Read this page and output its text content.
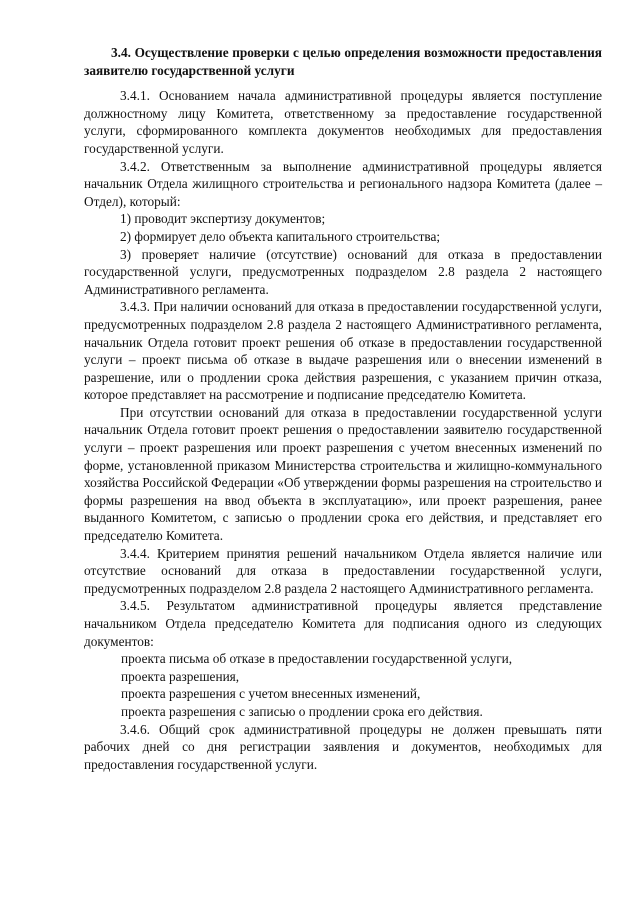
3.4. Осуществление проверки с целью определения возможности предоставления заявителю государственной услуги

3.4.1. Основанием начала административной процедуры является поступление должностному лицу Комитета, ответственному за предоставление государственной услуги, сформированного комплекта документов необходимых для предоставления государственной услуги.

3.4.2. Ответственным за выполнение административной процедуры является начальник Отдела жилищного строительства и регионального надзора Комитета (далее – Отдел), который:

1) проводит экспертизу документов;

2) формирует дело объекта капитального строительства;

3) проверяет наличие (отсутствие) оснований для отказа в предоставлении государственной услуги, предусмотренных подразделом 2.8 раздела 2 настоящего Административного регламента.

3.4.3. При наличии оснований для отказа в предоставлении государственной услуги, предусмотренных подразделом 2.8 раздела 2 настоящего Административного регламента, начальник Отдела готовит проект решения об отказе в предоставлении государственной услуги – проект письма об отказе в выдаче разрешения или о внесении изменений в разрешение, или о продлении срока действия разрешения, с указанием причин отказа, которое представляет на рассмотрение и подписание председателю Комитета.

При отсутствии оснований для отказа в предоставлении государственной услуги начальник Отдела готовит проект решения о предоставлении заявителю государственной услуги – проект разрешения или проект разрешения с учетом внесенных изменений по форме, установленной приказом Министерства строительства и жилищно-коммунального хозяйства Российской Федерации «Об утверждении формы разрешения на строительство и формы разрешения на ввод объекта в эксплуатацию», или проект разрешения, ранее выданного Комитетом, с записью о продлении срока его действия, и представляет его председателю Комитета.

3.4.4. Критерием принятия решений начальником Отдела является наличие или отсутствие оснований для отказа в предоставлении государственной услуги, предусмотренных подразделом 2.8 раздела 2 настоящего Административного регламента.

3.4.5. Результатом административной процедуры является представление начальником Отдела председателю Комитета для подписания одного из следующих документов:

проекта письма об отказе в предоставлении государственной услуги,

проекта разрешения,

проекта разрешения с учетом внесенных изменений,

проекта разрешения с записью о продлении срока его действия.

3.4.6. Общий срок административной процедуры не должен превышать пяти рабочих дней со дня регистрации заявления и документов, необходимых для предоставления государственной услуги.
